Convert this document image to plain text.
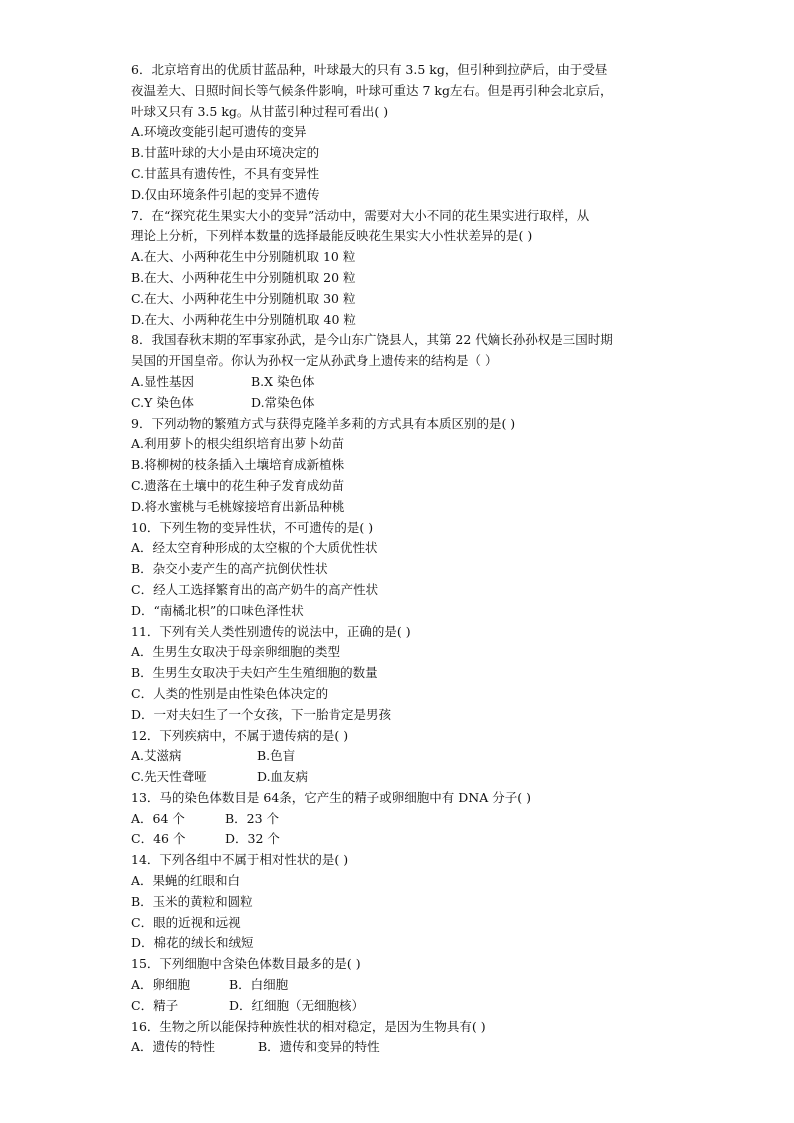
6．北京培育出的优质甘蓝品种，叶球最大的只有 3.5 kg，但引种到拉萨后，由于受昼
夜温差大、日照时间长等气候条件影响，叶球可重达 7 kg左右。但是再引种会北京后，
叶球又只有 3.5 kg。从甘蓝引种过程可看出( )
A.环境改变能引起可遗传的变异
B.甘蓝叶球的大小是由环境决定的
C.甘蓝具有遗传性，不具有变异性
D.仅由环境条件引起的变异不遗传
7．在“探究花生果实大小的变异”活动中，需要对大小不同的花生果实进行取样，从
理论上分析，下列样本数量的选择最能反映花生果实大小性状差异的是( )
A.在大、小两种花生中分别随机取 10 粒
B.在大、小两种花生中分别随机取 20 粒
C.在大、小两种花生中分别随机取 30 粒
D.在大、小两种花生中分别随机取 40 粒
8．我国春秋末期的军事家孙武，是今山东广饶县人，其第 22 代嫡长孙孙权是三国时期
吴国的开国皇帝。你认为孙权一定从孙武身上遗传来的结构是（ ）
A.显性基因	B.X 染色体
C.Y 染色体	D.常染色体
9．下列动物的繁殖方式与获得克隆羊多莉的方式具有本质区别的是( )
A.利用萝卜的根尖组织培育出萝卜幼苗
B.将柳树的枝条插入土壤培育成新植株
C.遗落在土壤中的花生种子发育成幼苗
D.将水蜜桃与毛桃嫁接培育出新品种桃
10．下列生物的变异性状，不可遗传的是( )
A．经太空育种形成的太空椒的个大质优性状
B．杂交小麦产生的高产抗倒伏性状
C．经人工选择繁育出的高产奶牛的高产性状
D．“南橘北枳”的口味色泽性状
11．下列有关人类性别遗传的说法中，正确的是( )
A．生男生女取决于母亲卵细胞的类型
B．生男生女取决于夫妇产生生殖细胞的数量
C．人类的性别是由性染色体决定的
D．一对夫妇生了一个女孩，下一胎肯定是男孩
12．下列疾病中，不属于遗传病的是( )
A.艾滋病	B.色盲
C.先天性聋哑	D.血友病
13．马的染色体数目是 64条，它产生的精子或卵细胞中有 DNA 分子( )
A．64 个	B．23 个
C．46 个	D．32 个
14．下列各组中不属于相对性状的是( )
A．果蝇的红眼和白
B．玉米的黄粒和圆粒
C．眼的近视和远视
D．棉花的绒长和绒短
15．下列细胞中含染色体数目最多的是( )
A．卵细胞	B．白细胞
C．精子	D．红细胞（无细胞核）
16．生物之所以能保持种族性状的相对稳定，是因为生物具有( )
A．遗传的特性	B．遗传和变异的特性
